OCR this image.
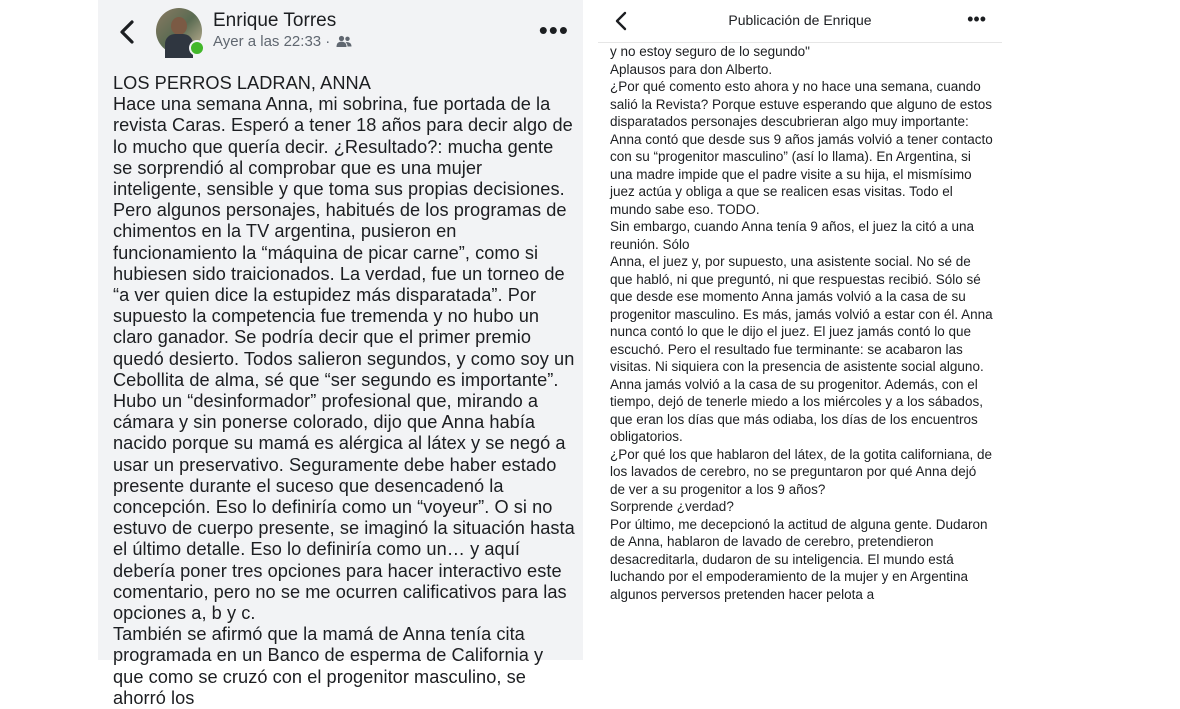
Enrique Torres
Ayer a las 22:33 ·	•••

LOS PERROS LADRAN, ANNA

Hace una semana Anna, mi sobrina, fue portada de la revista Caras. Esperó a tener 18 años para decir algo de lo mucho que quería decir. ¿Resultado?: mucha gente se sorprendió al comprobar que es una mujer inteligente, sensible y que toma sus propias decisiones. Pero algunos personajes, habitués de los programas de chimentos en la TV argentina, pusieron en funcionamiento la “máquina de picar carne”, como si hubiesen sido traicionados. La verdad, fue un torneo de “a ver quien dice la estupidez más disparatada”. Por supuesto la competencia fue tremenda y no hubo un claro ganador. Se podría decir que el primer premio quedó desierto. Todos salieron segundos, y como soy un Cebollita de alma, sé que “ser segundo es importante”.

Hubo un “desinformador” profesional que, mirando a cámara y sin ponerse colorado, dijo que Anna había nacido porque su mamá es alérgica al látex y se negó a usar un preservativo. Seguramente debe haber estado presente durante el suceso que desencadenó la concepción. Eso lo definiría como un “voyeur”. O si no estuvo de cuerpo presente, se imaginó la situación hasta el último detalle. Eso lo definiría como un… y aquí debería poner tres opciones para hacer interactivo este comentario, pero no se me ocurren calificativos para las opciones a, b y c.

También se afirmó que la mamá de Anna tenía cita programada en un Banco de esperma de California y que como se cruzó con el progenitor masculino, se ahorró los

Publicación de Enrique	•••

y no estoy seguro de lo segundo"

Aplausos para don Alberto.

¿Por qué comento esto ahora y no hace una semana, cuando salió la Revista? Porque estuve esperando que alguno de estos disparatados personajes descubrieran algo muy importante: Anna contó que desde sus 9 años jamás volvió a tener contacto con su “progenitor masculino” (así lo llama). En Argentina, si una madre impide que el padre visite a su hija, el mismísimo juez actúa y obliga a que se realicen esas visitas. Todo el mundo sabe eso. TODO.

Sin embargo, cuando Anna tenía 9 años, el juez la citó a una reunión. Sólo

Anna, el juez y, por supuesto, una asistente social. No sé de que habló, ni que preguntó, ni que respuestas recibió. Sólo sé que desde ese momento Anna jamás volvió a la casa de su progenitor masculino. Es más, jamás volvió a estar con él. Anna nunca contó lo que le dijo el juez. El juez jamás contó lo que escuchó. Pero el resultado fue terminante: se acabaron las visitas. Ni siquiera con la presencia de asistente social alguno.

Anna jamás volvió a la casa de su progenitor. Además, con el tiempo, dejó de tenerle miedo a los miércoles y a los sábados, que eran los días que más odiaba, los días de los encuentros obligatorios.

¿Por qué los que hablaron del látex, de la gotita californiana, de los lavados de cerebro, no se preguntaron por qué Anna dejó de ver a su progenitor a los 9 años?

Sorprende ¿verdad?

Por último, me decepcionó la actitud de alguna gente. Dudaron de Anna, hablaron de lavado de cerebro, pretendieron desacreditarla, dudaron de su inteligencia. El mundo está luchando por el empoderamiento de la mujer y en Argentina algunos perversos pretenden hacer pelota a
